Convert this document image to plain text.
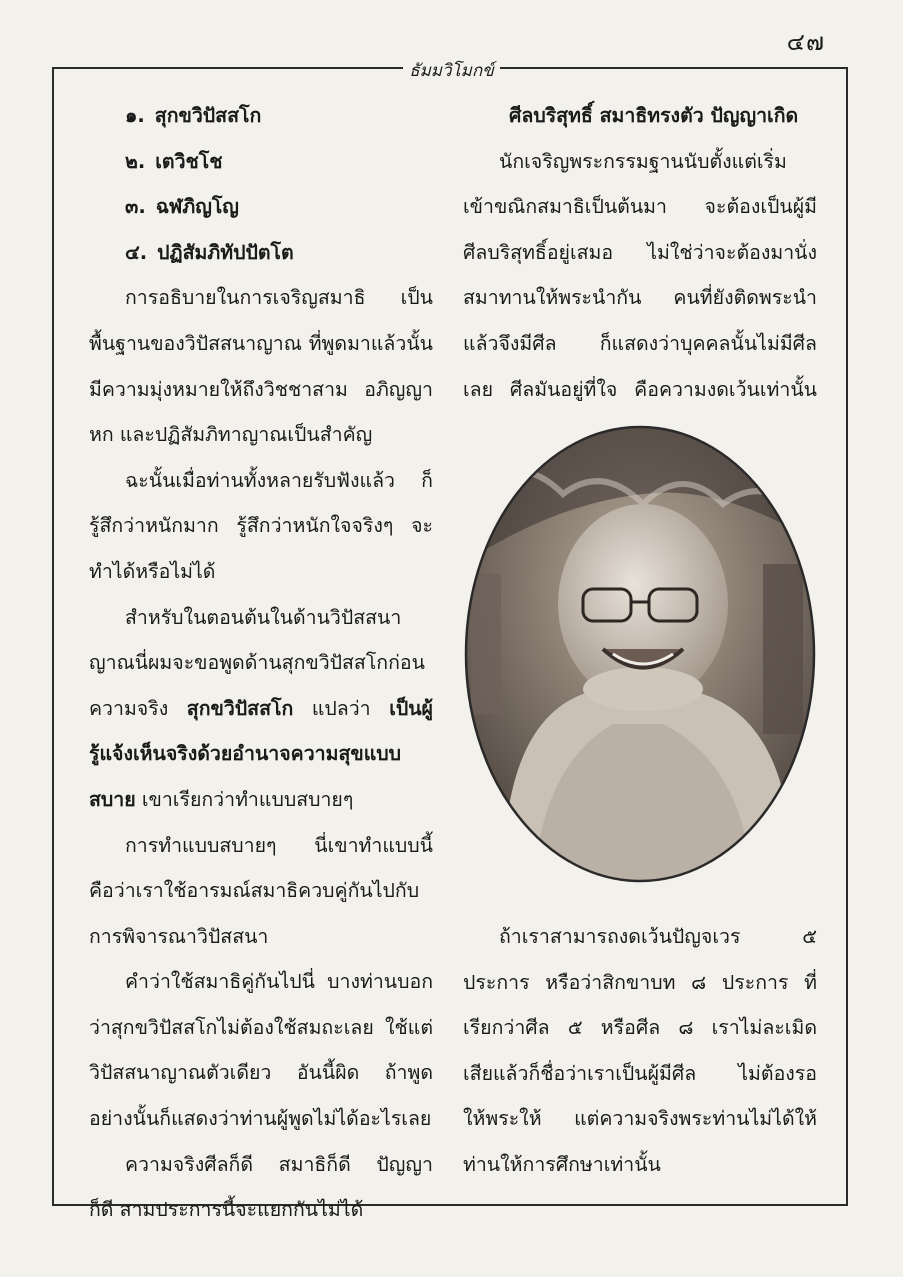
๔๗
ธัมมวิโมกข์
๑. สุกขวิปัสสโก
๒. เตวิชโช
๓. ฉฬภิญโญ
๔. ปฏิสัมภิทัปปัตโต
การอธิบายในการเจริญสมาธิ เป็น
พื้นฐานของวิปัสสนาญาณ ที่พูดมาแล้วนั้น
มีความมุ่งหมายให้ถึงวิชชาสาม อภิญญา
หก และปฏิสัมภิทาญาณเป็นสำคัญ
ฉะนั้นเมื่อท่านทั้งหลายรับฟังแล้ว ก็
รู้สึกว่าหนักมาก รู้สึกว่าหนักใจจริงๆ จะ
ทำได้หรือไม่ได้
สำหรับในตอนต้นในด้านวิปัสสนา
ญาณนี่ผมจะขอพูดด้านสุกขวิปัสสโกก่อน
ความจริง สุกขวิปัสสโก แปลว่า เป็นผู้
รู้แจ้งเห็นจริงด้วยอำนาจความสุขแบบ
สบาย เขาเรียกว่าทำแบบสบายๆ
การทำแบบสบายๆ นี่เขาทำแบบนี้
คือว่าเราใช้อารมณ์สมาธิควบคู่กันไปกับ
การพิจารณาวิปัสสนา
คำว่าใช้สมาธิคู่กันไปนี่ บางท่านบอก
ว่าสุกขวิปัสสโกไม่ต้องใช้สมถะเลย ใช้แต่
วิปัสสนาญาณตัวเดียว อันนี้ผิด ถ้าพูด
อย่างนั้นก็แสดงว่าท่านผู้พูดไม่ได้อะไรเลย
ความจริงศีลก็ดี สมาธิก็ดี ปัญญา
ก็ดี สามประการนี้จะแยกกันไม่ได้
ศีลบริสุทธิ์ สมาธิทรงตัว ปัญญาเกิด
นักเจริญพระกรรมฐานนับตั้งแต่เริ่ม
เข้าขณิกสมาธิเป็นต้นมา จะต้องเป็นผู้มี
ศีลบริสุทธิ์อยู่เสมอ ไม่ใช่ว่าจะต้องมานั่ง
สมาทานให้พระนำกัน คนที่ยังติดพระนำ
แล้วจึงมีศีล ก็แสดงว่าบุคคลนั้นไม่มีศีล
เลย ศีลมันอยู่ที่ใจ คือความงดเว้นเท่านั้น
ถ้าเราสามารถงดเว้นปัญจเวร ๕
ประการ หรือว่าสิกขาบท ๘ ประการ ที่
เรียกว่าศีล ๕ หรือศีล ๘ เราไม่ละเมิด
เสียแล้วก็ชื่อว่าเราเป็นผู้มีศีล ไม่ต้องรอ
ให้พระให้ แต่ความจริงพระท่านไม่ได้ให้
ท่านให้การศึกษาเท่านั้น
